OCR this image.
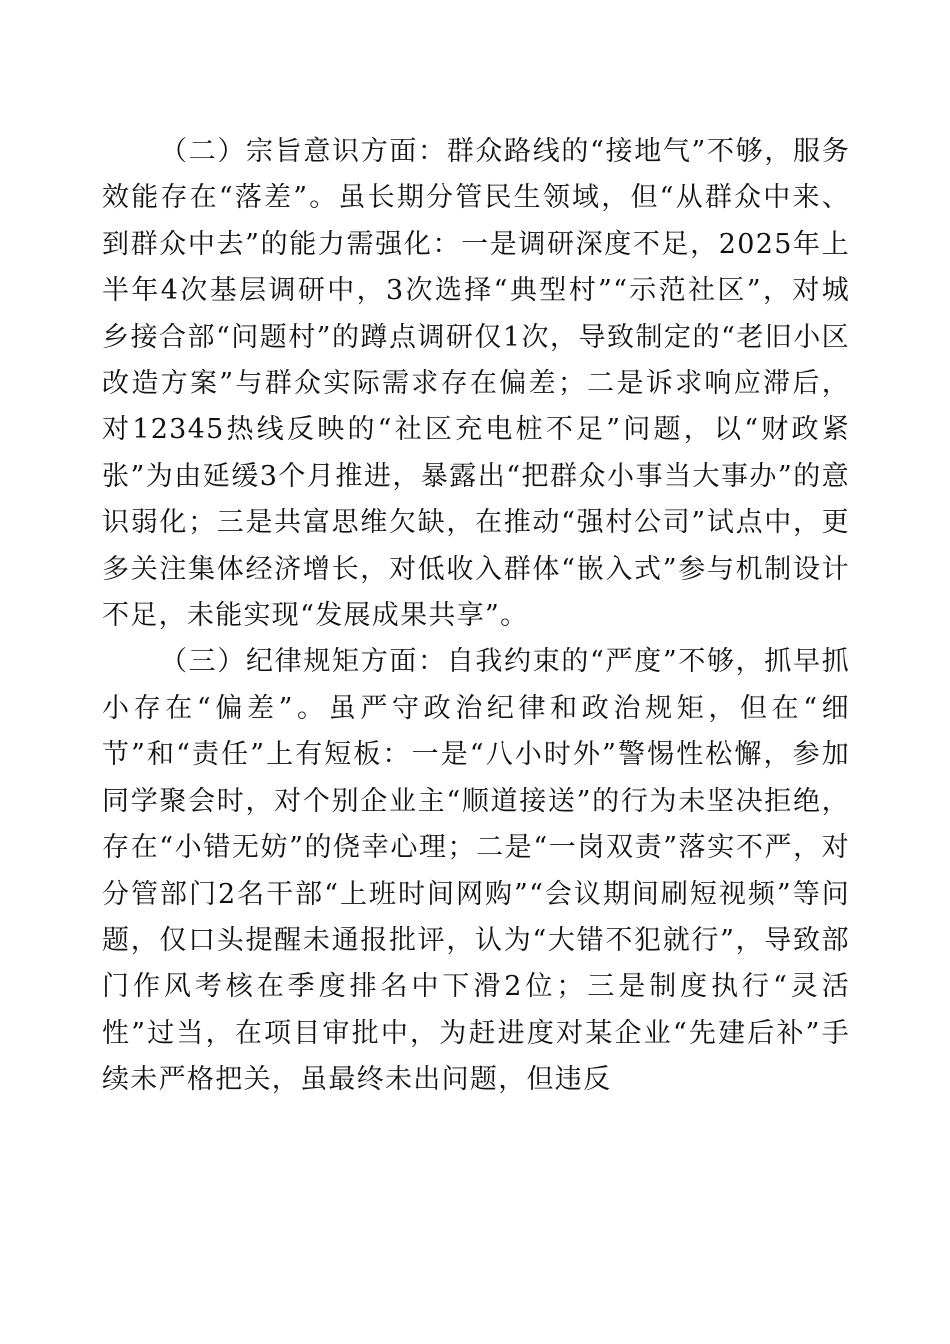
（二）宗旨意识方面：群众路线的“接地气”不够，服务效能存在“落差”。虽长期分管民生领域，但“从群众中来、到群众中去”的能力需强化：一是调研深度不足，2025年上半年4次基层调研中，3次选择“典型村”“示范社区”，对城乡接合部“问题村”的蹲点调研仅1次，导致制定的“老旧小区改造方案”与群众实际需求存在偏差；二是诉求响应滞后，对12345热线反映的“社区充电桩不足”问题，以“财政紧张”为由延缓3个月推进，暴露出“把群众小事当大事办”的意识弱化；三是共富思维欠缺，在推动“强村公司”试点中，更多关注集体经济增长，对低收入群体“嵌入式”参与机制设计不足，未能实现“发展成果共享”。

（三）纪律规矩方面：自我约束的“严度”不够，抓早抓小存在“偏差”。虽严守政治纪律和政治规矩，但在“细节”和“责任”上有短板：一是“八小时外”警惕性松懈，参加同学聚会时，对个别企业主“顺道接送”的行为未坚决拒绝，存在“小错无妨”的侥幸心理；二是“一岗双责”落实不严，对分管部门2名干部“上班时间网购”“会议期间刷短视频”等问题，仅口头提醒未通报批评，认为“大错不犯就行”，导致部门作风考核在季度排名中下滑2位；三是制度执行“灵活性”过当，在项目审批中，为赶进度对某企业“先建后补”手续未严格把关，虽最终未出问题，但违反
